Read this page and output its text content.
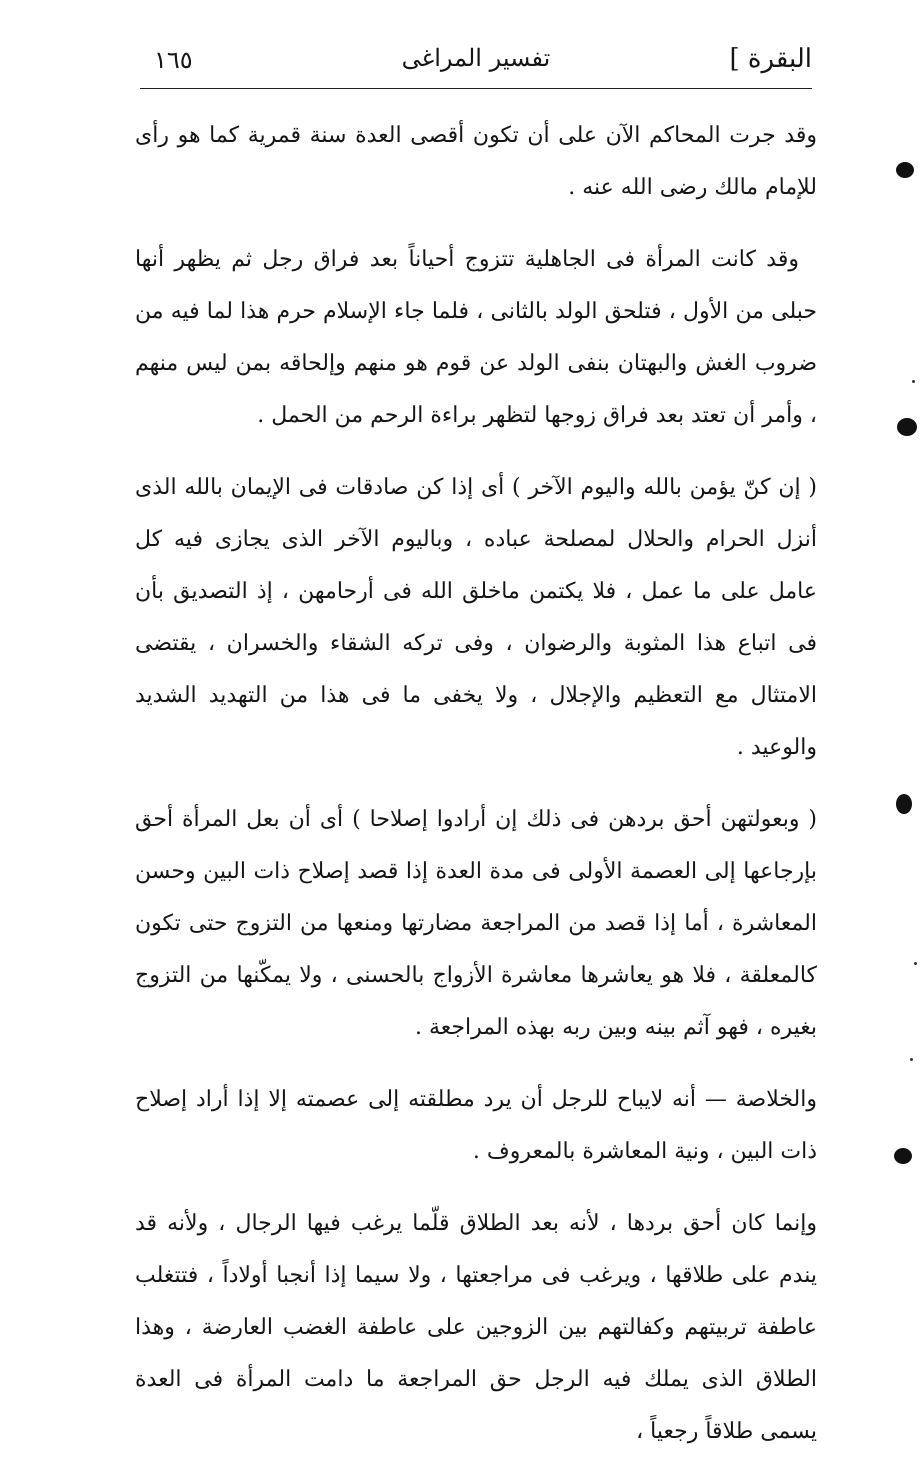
البقرة ]
تفسير المراغى
١٦٥

وقد جرت المحاكم الآن على أن تكون أقصى العدة سنة قمرية كما هو رأى للإمام مالك رضى الله عنه .

وقد كانت المرأة فى الجاهلية تتزوج أحياناً بعد فراق رجل ثم يظهر أنها حبلى من الأول ، فتلحق الولد بالثانى ، فلما جاء الإسلام حرم هذا لما فيه من ضروب الغش والبهتان بنفى الولد عن قوم هو منهم وإلحاقه بمن ليس منهم ، وأمر أن تعتد بعد فراق زوجها لتظهر براءة الرحم من الحمل .

( إن كنّ يؤمن بالله واليوم الآخر ) أى إذا كن صادقات فى الإيمان بالله الذى أنزل الحرام والحلال لمصلحة عباده ، وباليوم الآخر الذى يجازى فيه كل عامل على ما عمل ، فلا يكتمن ماخلق الله فى أرحامهن ، إذ التصديق بأن فى اتباع هذا المثوبة والرضوان ، وفى تركه الشقاء والخسران ، يقتضى الامتثال مع التعظيم والإجلال ، ولا يخفى ما فى هذا من التهديد الشديد والوعيد .

( وبعولتهن أحق بردهن فى ذلك إن أرادوا إصلاحا ) أى أن بعل المرأة أحق بإرجاعها إلى العصمة الأولى فى مدة العدة إذا قصد إصلاح ذات البين وحسن المعاشرة ، أما إذا قصد من المراجعة مضارتها ومنعها من التزوج حتى تكون كالمعلقة ، فلا هو يعاشرها معاشرة الأزواج بالحسنى ، ولا يمكّنها من التزوج بغيره ، فهو آثم بينه وبين ربه بهذه المراجعة .

والخلاصة — أنه لايباح للرجل أن يرد مطلقته إلى عصمته إلا إذا أراد إصلاح ذات البين ، ونية المعاشرة بالمعروف .

وإنما كان أحق بردها ، لأنه بعد الطلاق قلّما يرغب فيها الرجال ، ولأنه قد يندم على طلاقها ، ويرغب فى مراجعتها ، ولا سيما إذا أنجبا أولاداً ، فتتغلب عاطفة تربيتهم وكفالتهم بين الزوجين على عاطفة الغضب العارضة ، وهذا الطلاق الذى يملك فيه الرجل حق المراجعة ما دامت المرأة فى العدة يسمى طلاقاً رجعياً ،
